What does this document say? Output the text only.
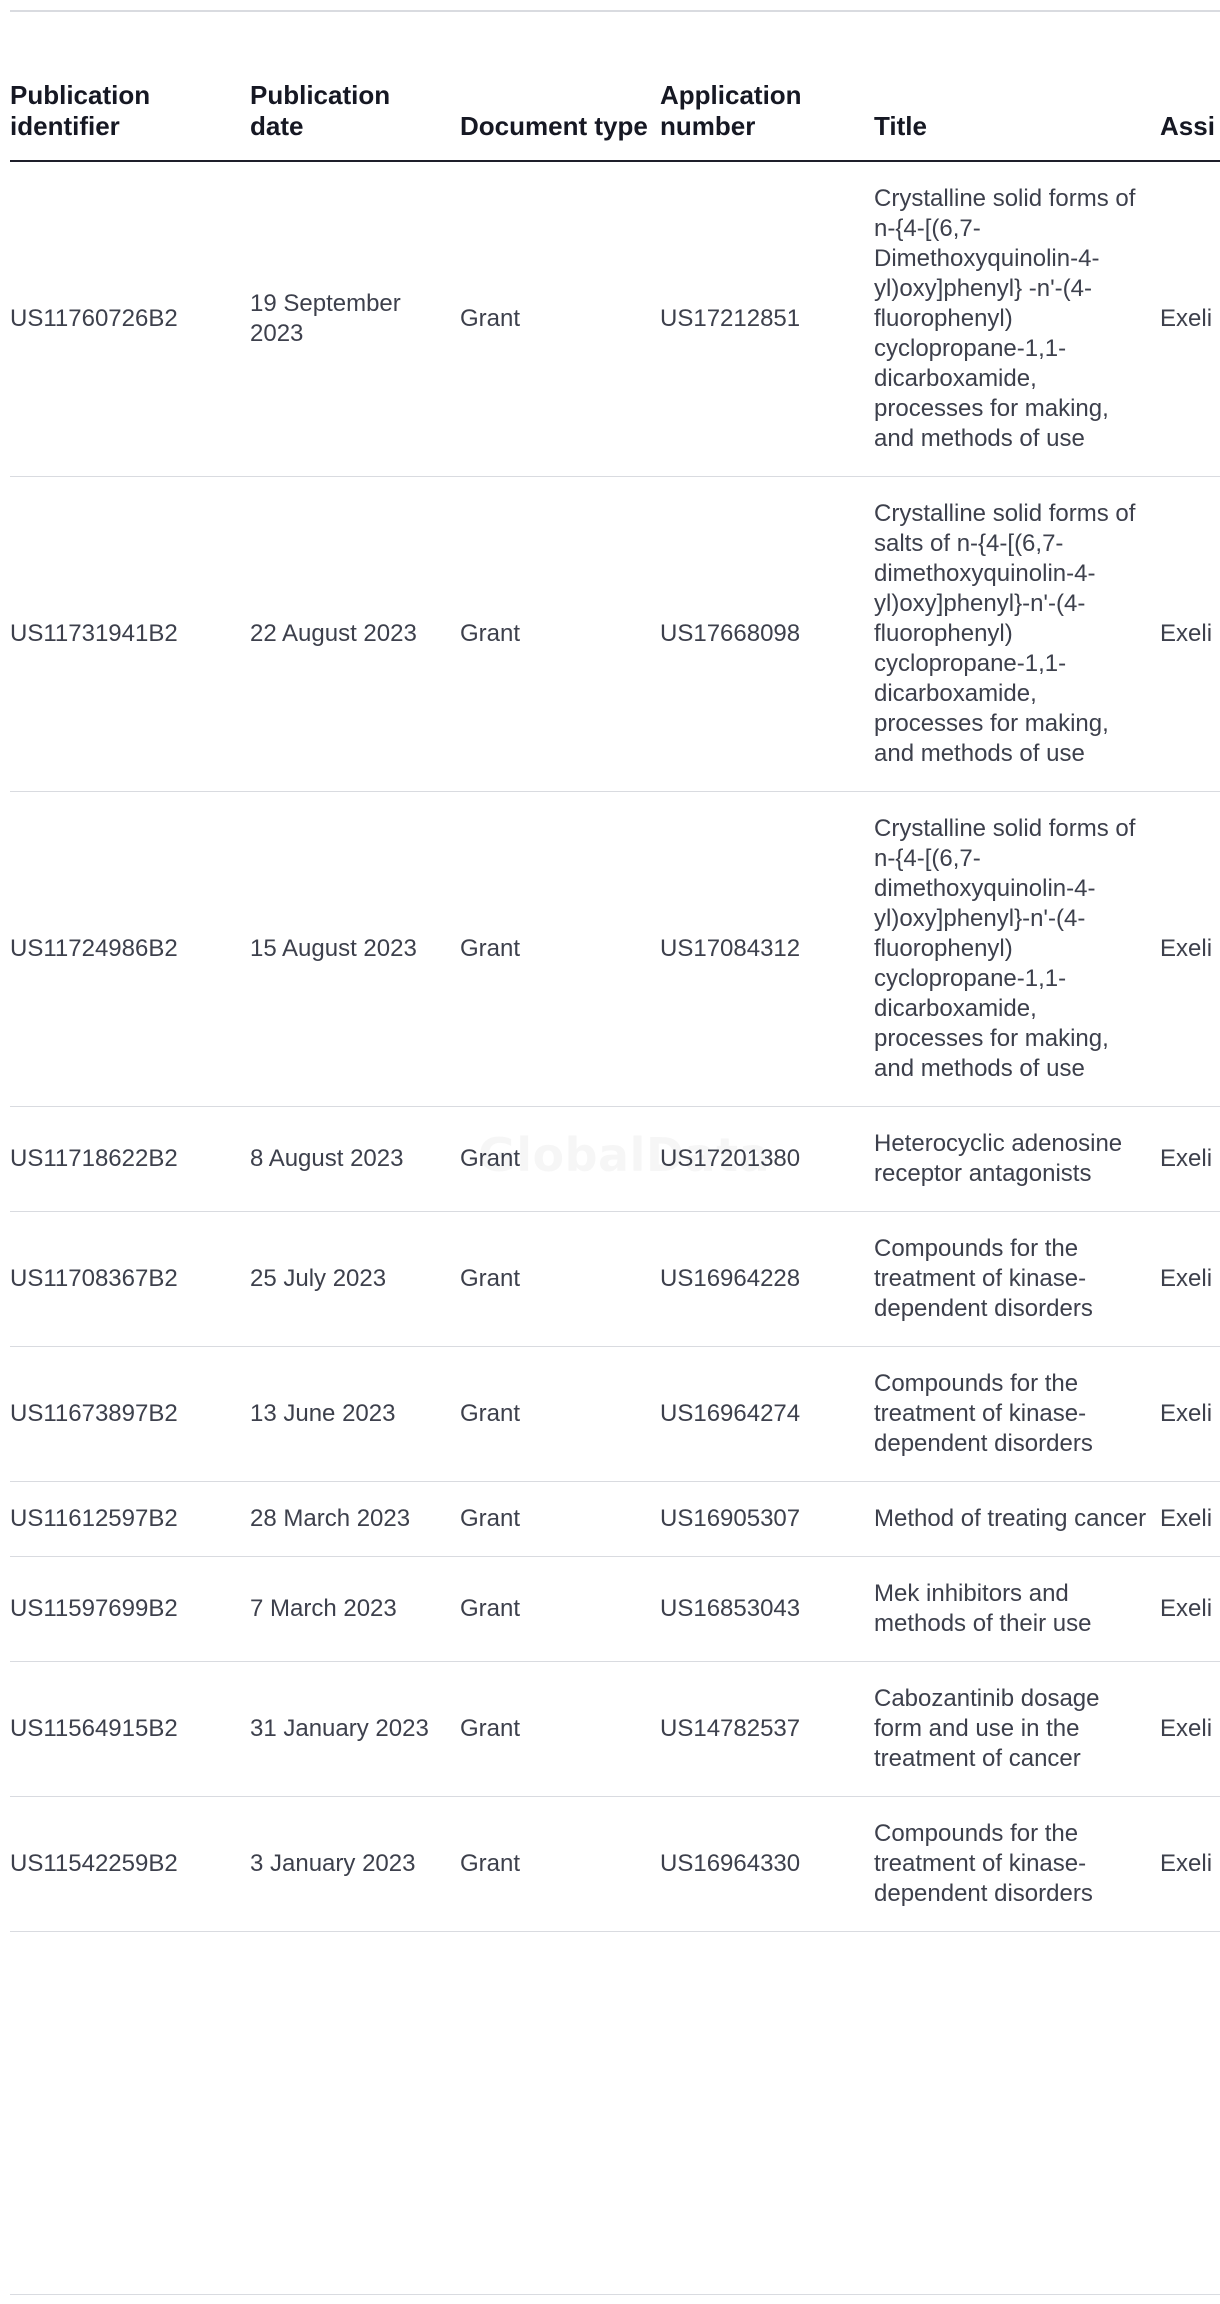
Publication identifier	Publication date	Document type	Application number	Title	Assi
US11760726B2	19 September 2023	Grant	US17212851	Crystalline solid forms of n-{4-[(6,7-Dimethoxyquinolin-4-yl)oxy]phenyl} -n'-(4-fluorophenyl) cyclopropane-1,1-dicarboxamide, processes for making, and methods of use	Exeli
US11731941B2	22 August 2023	Grant	US17668098	Crystalline solid forms of salts of n-{4-[(6,7-dimethoxyquinolin-4-yl)oxy]phenyl}-n'-(4-fluorophenyl) cyclopropane-1,1-dicarboxamide, processes for making, and methods of use	Exeli
US11724986B2	15 August 2023	Grant	US17084312	Crystalline solid forms of n-{4-[(6,7-dimethoxyquinolin-4-yl)oxy]phenyl}-n'-(4-fluorophenyl) cyclopropane-1,1-dicarboxamide, processes for making, and methods of use	Exeli
US11718622B2	8 August 2023	Grant	US17201380	Heterocyclic adenosine receptor antagonists	Exeli
US11708367B2	25 July 2023	Grant	US16964228	Compounds for the treatment of kinase-dependent disorders	Exeli
US11673897B2	13 June 2023	Grant	US16964274	Compounds for the treatment of kinase-dependent disorders	Exeli
US11612597B2	28 March 2023	Grant	US16905307	Method of treating cancer	Exeli
US11597699B2	7 March 2023	Grant	US16853043	Mek inhibitors and methods of their use	Exeli
US11564915B2	31 January 2023	Grant	US14782537	Cabozantinib dosage form and use in the treatment of cancer	Exeli
US11542259B2	3 January 2023	Grant	US16964330	Compounds for the treatment of kinase-dependent disorders	Exeli
